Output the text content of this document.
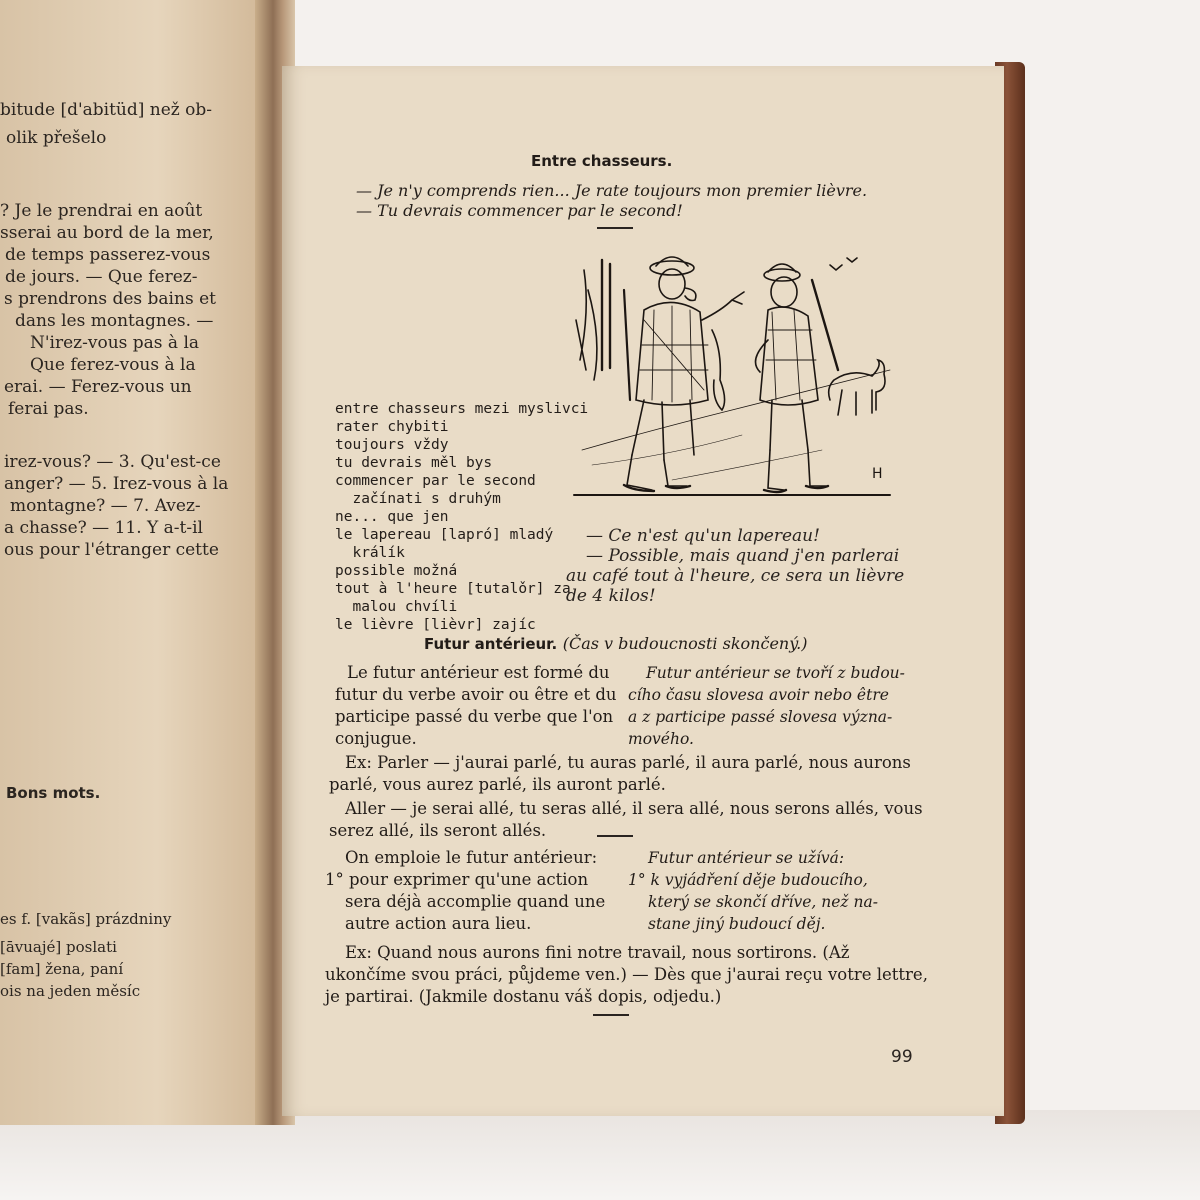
bitude [d'abitüd] než ob-
olik přešelo
? Je le prendrai en août
sserai au bord de la mer,
de temps passerez-vous
de jours. — Que ferez-
s prendrons des bains et
dans les montagnes. —
N'irez-vous pas à la
Que ferez-vous à la
erai. — Ferez-vous un
ferai pas.
irez-vous? — 3. Qu'est-ce
anger? — 5. Irez-vous à la
montagne? — 7. Avez-
a chasse? — 11. Y a-t-il
ous pour l'étranger cette
Bons mots.
es f. [vakãs] prázdniny
[āvuajé] poslati
[fam] žena, paní
ois na jeden měsíc
Entre chasseurs.
— Je n'y comprends rien... Je rate toujours mon premier lièvre.
— Tu devrais commencer par le second!
H
entre chasseurs mezi myslivci
rater chybiti
toujours vždy
tu devrais měl bys
commencer par le second
začínati s druhým
ne... que jen
le lapereau [lapró] mladý
králík
possible možná
tout à l'heure [tutalǒr] za
malou chvíli
le lièvre [lièvr] zajíc
— Ce n'est qu'un lapereau!
— Possible, mais quand j'en parlerai
au café tout à l'heure, ce sera un lièvre
de 4 kilos!
Futur antérieur. (Čas v budoucnosti skončený.)
Le futur antérieur est formé du
futur du verbe avoir ou être et du
participe passé du verbe que l'on
conjugue.
Futur antérieur se tvoří z budou-
cího času slovesa avoir nebo être
a z participe passé slovesa význa-
mového.
Ex: Parler — j'aurai parlé, tu auras parlé, il aura parlé, nous aurons
parlé, vous aurez parlé, ils auront parlé.
Aller — je serai allé, tu seras allé, il sera allé, nous serons allés, vous
serez allé, ils seront allés.
On emploie le futur antérieur:
1° pour exprimer qu'une action
sera déjà accomplie quand une
autre action aura lieu.
Futur antérieur se užívá:
1° k vyjádření děje budoucího,
který se skončí dříve, než na-
stane jiný budoucí děj.
Ex: Quand nous aurons fini notre travail, nous sortirons. (Až
ukončíme svou práci, půjdeme ven.) — Dès que j'aurai reçu votre lettre,
je partirai. (Jakmile dostanu váš dopis, odjedu.)
99
